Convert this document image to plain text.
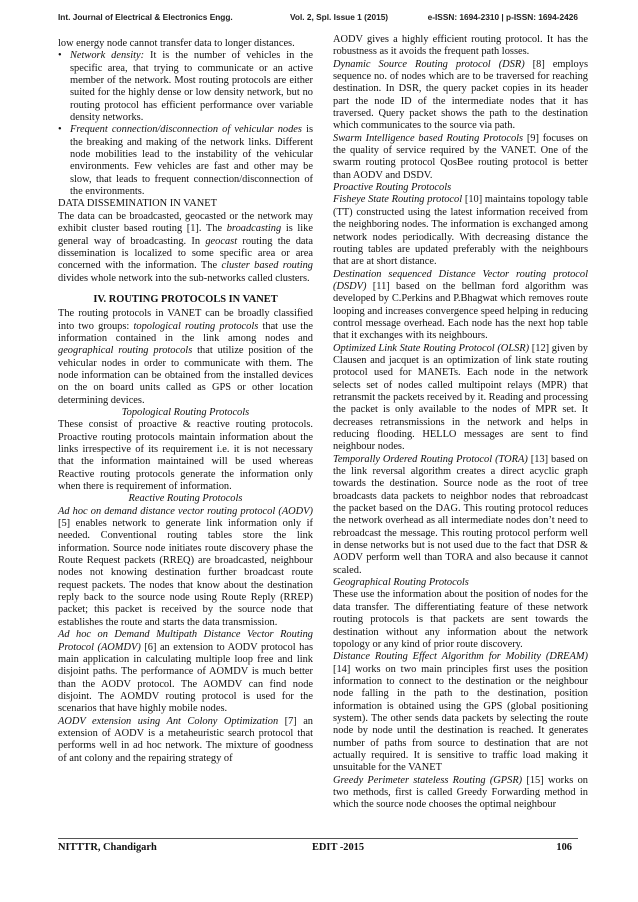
Int. Journal of Electrical & Electronics Engg.	Vol. 2, Spl. Issue 1 (2015)	e-ISSN: 1694-2310 | p-ISSN: 1694-2426

low energy node cannot transfer data to longer distances.

• Network density: It is the number of vehicles in the specific area, that trying to communicate or an active member of the network. Most routing protocols are either suited for the highly dense or low density network, but no routing protocol has efficient performance over variable density networks.

• Frequent connection/disconnection of vehicular nodes is the breaking and making of the network links. Different node mobilities lead to the instability of the vehicular environments. Few vehicles are fast and other may be slow, that leads to frequent connection/disconnection of the environments.

DATA DISSEMINATION IN VANET

The data can be broadcasted, geocasted or the network may exhibit cluster based routing [1]. The broadcasting is like general way of broadcasting. In geocast routing the data dissemination is localized to some specific area or area concerned with the information. The cluster based routing divides whole network into the sub-networks called clusters.

IV. ROUTING PROTOCOLS IN VANET

The routing protocols in VANET can be broadly classified into two groups: topological routing protocols that use the information contained in the link among nodes and geographical routing protocols that utilize position of the vehicular nodes in order to communicate with them. The node information can be obtained from the installed devices on the on board units called as GPS or other location determining devices.

Topological Routing Protocols

These consist of proactive & reactive routing protocols. Proactive routing protocols maintain information about the links irrespective of its requirement i.e. it is not necessary that the information maintained will be used whereas Reactive routing protocols generate the information only when there is requirement of information.

Reactive Routing Protocols

Ad hoc on demand distance vector routing protocol (AODV) [5] enables network to generate link information only if needed. Conventional routing tables store the link information. Source node initiates route discovery phase the Route Request packets (RREQ) are broadcasted, neighbour nodes not knowing destination further broadcast route request packets. The nodes that know about the destination reply back to the source node using Route Reply (RREP) packet; this packet is received by the source node that establishes the route and starts the data transmission.

Ad hoc on Demand Multipath Distance Vector Routing Protocol (AOMDV) [6] an extension to AODV protocol has main application in calculating multiple loop free and link disjoint paths. The performance of AOMDV is much better than the AODV protocol. The AOMDV can find node disjoint. The AOMDV routing protocol is used for the scenarios that have highly mobile nodes.

AODV extension using Ant Colony Optimization [7] an extension of AODV is a metaheuristic search protocol that performs well in ad hoc network. The mixture of goodness of ant colony and the repairing strategy of

AODV gives a highly efficient routing protocol. It has the robustness as it avoids the frequent path losses.

Dynamic Source Routing protocol (DSR) [8] employs sequence no. of nodes which are to be traversed for reaching destination. In DSR, the query packet copies in its header part the node ID of the intermediate nodes that it has traversed. Query packet shows the path to the destination which communicates to the source via path.

Swarm Intelligence based Routing Protocols [9] focuses on the quality of service required by the VANET. One of the swarm routing protocol QosBee routing protocol is better than AODV and DSDV.

Proactive Routing Protocols

Fisheye State Routing protocol [10] maintains topology table (TT) constructed using the latest information received from the neighboring nodes. The information is exchanged among network nodes periodically. With decreasing distance the routing tables are updated preferably with the neighbours that are at short distance.

Destination sequenced Distance Vector routing protocol (DSDV) [11] based on the bellman ford algorithm was developed by C.Perkins and P.Bhagwat which removes route looping and increases convergence speed helping in reducing control message overhead. Each node has the next hop table that it exchanges with its neighbours.

Optimized Link State Routing Protocol (OLSR) [12] given by Clausen and jacquet is an optimization of link state routing protocol used for MANETs. Each node in the network selects set of nodes called multipoint relays (MPR) that retransmit the packets received by it. Reading and processing the packet is only available to the nodes of MPR set. It decreases retransmissions in the network and helps in reducing flooding. HELLO messages are sent to find neighbour nodes.

Temporally Ordered Routing Protocol (TORA) [13] based on the link reversal algorithm creates a direct acyclic graph towards the destination. Source node as the root of tree broadcasts data packets to neighbor nodes that rebroadcast the packet based on the DAG. This routing protocol reduces the network overhead as all intermediate nodes don’t need to rebroadcast the message. This routing protocol perform well in dense networks but is not used due to the fact that DSR & AODV perform well than TORA and also because it cannot scaled.

Geographical Routing Protocols

These use the information about the position of nodes for the data transfer. The differentiating feature of these network routing protocols is that packets are sent towards the destination without any information about the network topology or any kind of prior route discovery.

Distance Routing Effect Algorithm for Mobility (DREAM) [14] works on two main principles first uses the position information to connect to the destination or the neighbour node falling in the path to the destination, position information is obtained using the GPS (global positioning system). The other sends data packets by selecting the route node by node until the destination is reached. It generates number of paths from source to destination that are not actually required. It is sensitive to traffic load making it unsuitable for the VANET

Greedy Perimeter stateless Routing (GPSR) [15] works on two methods, first is called Greedy Forwarding method in which the source node chooses the optimal neighbour

NITTTR, Chandigarh	EDIT -2015	106
